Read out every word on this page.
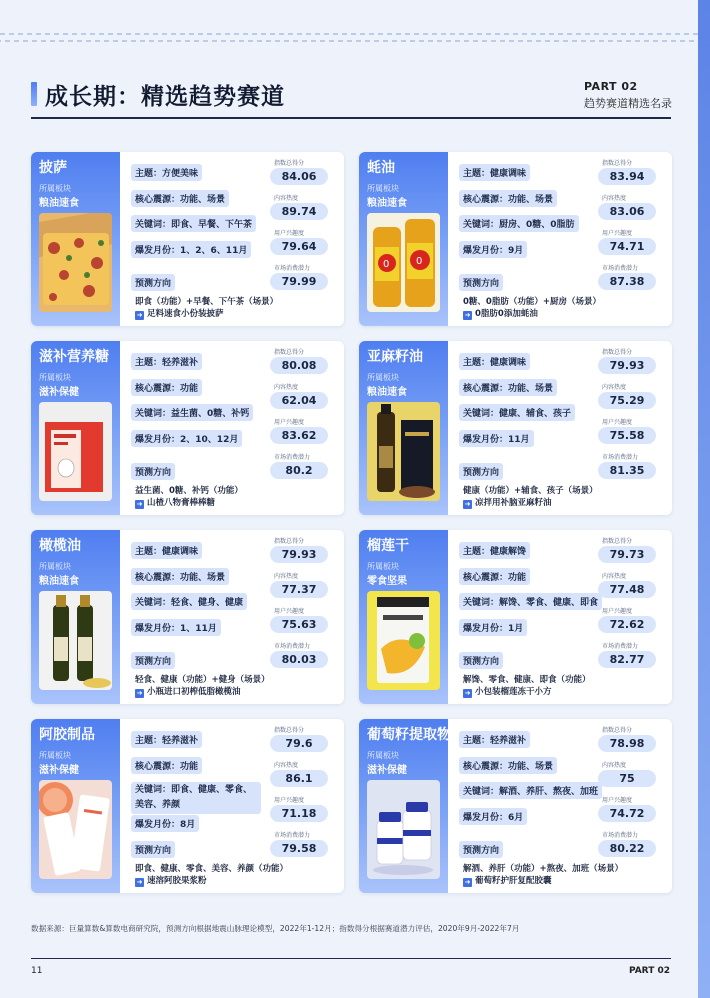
成长期：精选趋势赛道	PART 02
趋势赛道精选名录
披萨
所属板块
粮油速食
主题：方便美味
核心震源：功能、场景
关键词：即食、早餐、下午茶
爆发月份：1、2、6、11月
预测方向
即食（功能）+早餐、下午茶（场景）
➜ 足料速食小份装披萨
指数总得分
84.06
内容热度
89.74
用户兴趣度
79.64
市场消费潜力
79.99
蚝油
所属板块
粮油速食
0	0
主题：健康调味
核心震源：功能、场景
关键词：厨房、0糖、0脂肪
爆发月份：9月
预测方向
0糖、0脂肪（功能）+厨房（场景）
➜ 0脂肪0添加蚝油
指数总得分
83.94
内容热度
83.06
用户兴趣度
74.71
市场消费潜力
87.38
滋补营养糖
所属板块
滋补保健
主题：轻养滋补
核心震源：功能
关键词：益生菌、0糖、补钙
爆发月份：2、10、12月
预测方向
益生菌、0糖、补钙（功能）
➜ 山楂八物膏棒棒糖
指数总得分
80.08
内容热度
62.04
用户兴趣度
83.62
市场消费潜力
80.2
亚麻籽油
所属板块
粮油速食
主题：健康调味
核心震源：功能、场景
关键词：健康、辅食、孩子
爆发月份：11月
预测方向
健康（功能）+辅食、孩子（场景）
➜ 凉拌用补脑亚麻籽油
指数总得分
79.93
内容热度
75.29
用户兴趣度
75.58
市场消费潜力
81.35
橄榄油
所属板块
粮油速食
主题：健康调味
核心震源：功能、场景
关键词：轻食、健身、健康
爆发月份：1、11月
预测方向
轻食、健康（功能）+健身（场景）
➜ 小瓶进口初榨低脂橄榄油
指数总得分
79.93
内容热度
77.37
用户兴趣度
75.63
市场消费潜力
80.03
榴莲干
所属板块
零食坚果
主题：健康解馋
核心震源：功能
关键词：解馋、零食、健康、即食
爆发月份：1月
预测方向
解馋、零食、健康、即食（功能）
➜ 小包装榴莲冻干小方
指数总得分
79.73
内容热度
77.48
用户兴趣度
72.62
市场消费潜力
82.77
阿胶制品
所属板块
滋补保健
主题：轻养滋补
核心震源：功能
关键词：即食、健康、零食、美容、养颜
爆发月份：8月
预测方向
即食、健康、零食、美容、养颜（功能）
➜ 速溶阿胶果浆粉
指数总得分
79.6
内容热度
86.1
用户兴趣度
71.18
市场消费潜力
79.58
葡萄籽提取物
所属板块
滋补保健
主题：轻养滋补
核心震源：功能、场景
关键词：解酒、养肝、熬夜、加班
爆发月份：6月
预测方向
解酒、养肝（功能）+熬夜、加班（场景）
➜ 葡萄籽护肝复配胶囊
指数总得分
78.98
内容热度
75
用户兴趣度
74.72
市场消费潜力
80.22
数据来源：巨量算数&算数电商研究院，预测方向根据地震山脉理论模型，2022年1-12月；指数得分根据赛道潜力评估，2020年9月-2022年7月
11	PART 02
